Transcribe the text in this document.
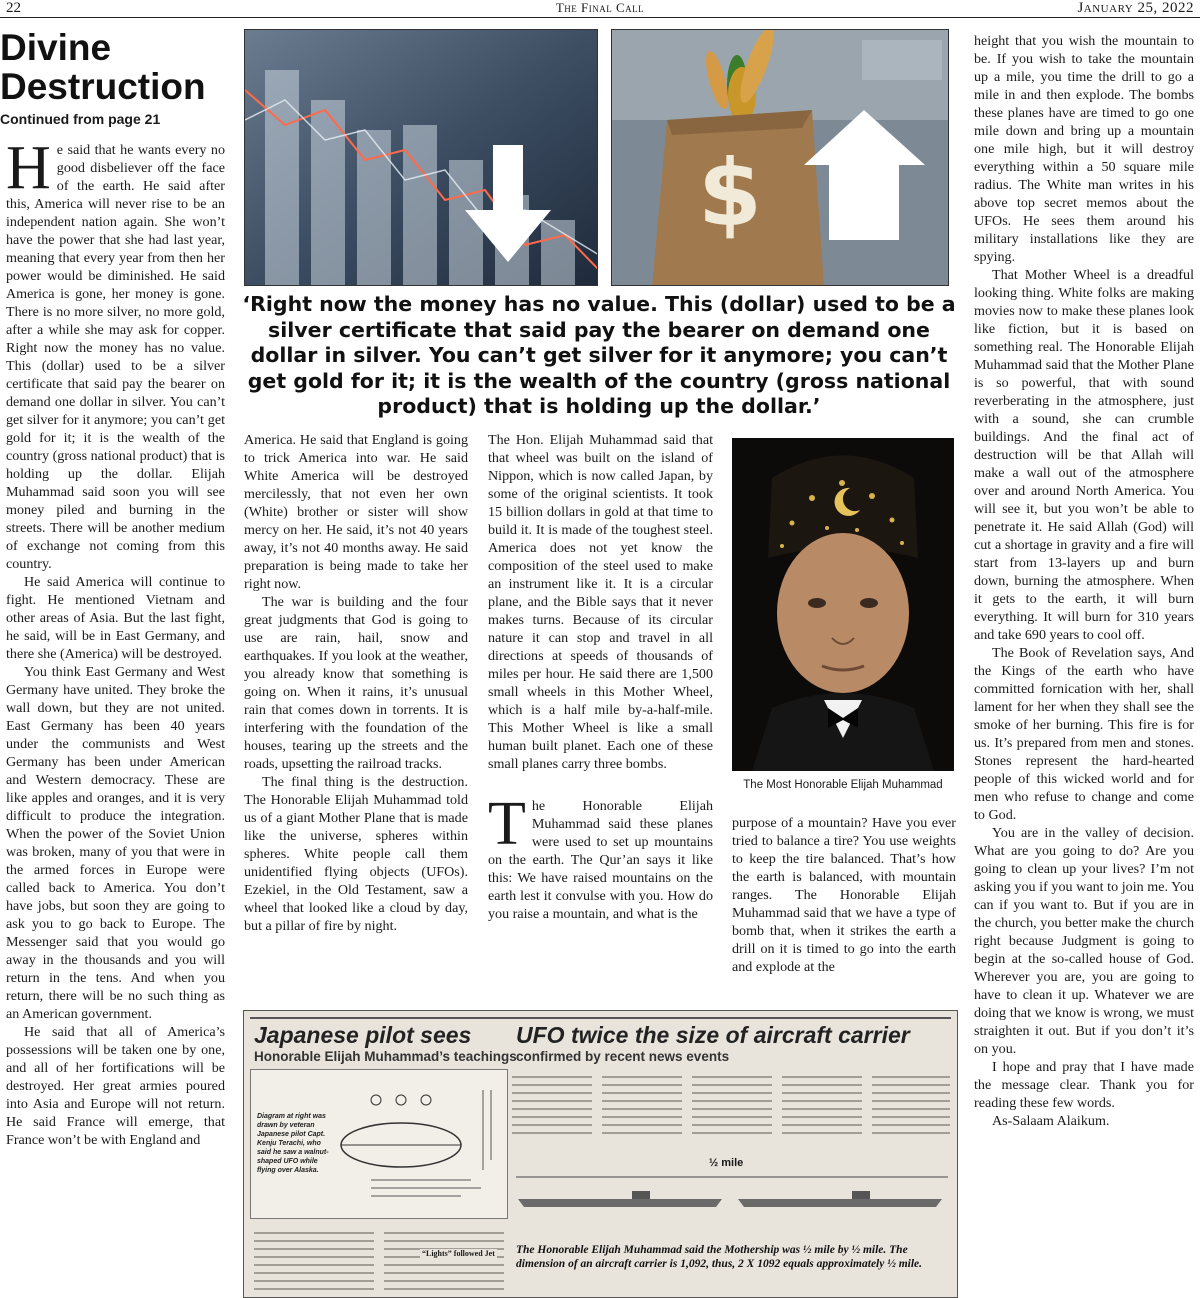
22	The Final Call	January 25, 2022
Divine Destruction
Continued from page 21

He said that he wants every no good disbeliever off the face of the earth. He said after this, America will never rise to be an independent nation again. She won’t have the power that she had last year, meaning that every year from then her power would be diminished. He said America is gone, her money is gone. There is no more silver, no more gold, after a while she may ask for copper. Right now the money has no value. This (dollar) used to be a silver certificate that said pay the bearer on demand one dollar in silver. You can’t get silver for it anymore; you can’t get gold for it; it is the wealth of the country (gross national product) that is holding up the dollar. Elijah Muhammad said soon you will see money piled and burning in the streets. There will be another medium of exchange not coming from this country.

He said America will continue to fight. He mentioned Vietnam and other areas of Asia. But the last fight, he said, will be in East Germany, and there she (America) will be destroyed.

You think East Germany and West Germany have united. They broke the wall down, but they are not united. East Germany has been 40 years under the communists and West Germany has been under American and Western democracy. These are like apples and oranges, and it is very difficult to produce the integration. When the power of the Soviet Union was broken, many of you that were in the armed forces in Europe were called back to America. You don’t have jobs, but soon they are going to ask you to go back to Europe. The Messenger said that you would go away in the thousands and you will return in the tens. And when you return, there will be no such thing as an American government.

He said that all of America’s possessions will be taken one by one, and all of her fortifications will be destroyed. Her great armies poured into Asia and Europe will not return. He said France will emerge, that France won’t be with England and

$
‘Right now the money has no value. This (dollar) used to be a silver certificate that said pay the bearer on demand one dollar in silver. You can’t get silver for it anymore; you can’t get gold for it; it is the wealth of the country (gross national product) that is holding up the dollar.’

America. He said that England is going to trick America into war. He said White America will be destroyed mercilessly, that not even her own (White) brother or sister will show mercy on her. He said, it’s not 40 years away, it’s not 40 months away. He said preparation is being made to take her right now.

The war is building and the four great judgments that God is going to use are rain, hail, snow and earthquakes. If you look at the weather, you already know that something is going on. When it rains, it’s unusual rain that comes down in torrents. It is interfering with the foundation of the houses, tearing up the streets and the roads, upsetting the railroad tracks.

The final thing is the destruction. The Honorable Elijah Muhammad told us of a giant Mother Plane that is made like the universe, spheres within spheres. White people call them unidentified flying objects (UFOs). Ezekiel, in the Old Testament, saw a wheel that looked like a cloud by day, but a pillar of fire by night.

The Hon. Elijah Muhammad said that that wheel was built on the island of Nippon, which is now called Japan, by some of the original scientists. It took 15 billion dollars in gold at that time to build it. It is made of the toughest steel. America does not yet know the composition of the steel used to make an instrument like it. It is a circular plane, and the Bible says that it never makes turns. Because of its circular nature it can stop and travel in all directions at speeds of thousands of miles per hour. He said there are 1,500 small wheels in this Mother Wheel, which is a half mile by-a-half-mile. This Mother Wheel is like a small human built planet. Each one of these small planes carry three bombs.

The Honorable Elijah Muhammad said these planes were used to set up mountains on the earth. The Qur’an says it like this: We have raised mountains on the earth lest it convulse with you. How do you raise a mountain, and what is the

The Most Honorable Elijah Muhammad

purpose of a mountain? Have you ever tried to balance a tire? You use weights to keep the tire balanced. That’s how the earth is balanced, with mountain ranges. The Honorable Elijah Muhammad said that we have a type of bomb that, when it strikes the earth a drill on it is timed to go into the earth and explode at the

height that you wish the mountain to be. If you wish to take the mountain up a mile, you time the drill to go a mile in and then explode. The bombs these planes have are timed to go one mile down and bring up a mountain one mile high, but it will destroy everything within a 50 square mile radius. The White man writes in his above top secret memos about the UFOs. He sees them around his military installations like they are spying.

That Mother Wheel is a dreadful looking thing. White folks are making movies now to make these planes look like fiction, but it is based on something real. The Honorable Elijah Muhammad said that the Mother Plane is so powerful, that with sound reverberating in the atmosphere, just with a sound, she can crumble buildings. And the final act of destruction will be that Allah will make a wall out of the atmosphere over and around North America. You will see it, but you won’t be able to penetrate it. He said Allah (God) will cut a shortage in gravity and a fire will start from 13-layers up and burn down, burning the atmosphere. When it gets to the earth, it will burn everything. It will burn for 310 years and take 690 years to cool off.

The Book of Revelation says, And the Kings of the earth who have committed fornication with her, shall lament for her when they shall see the smoke of her burning. This fire is for us. It’s prepared from men and stones. Stones represent the hard-hearted people of this wicked world and for men who refuse to change and come to God.

You are in the valley of decision. What are you going to do? Are you going to clean up your lives? I’m not asking you if you want to join me. You can if you want to. But if you are in the church, you better make the church right because Judgment is going to begin at the so-called house of God. Wherever you are, you are going to have to clean it up. Whatever we are doing that we know is wrong, we must straighten it out. But if you don’t it’s on you.

I hope and pray that I have made the message clear. Thank you for reading these few words.

As-Salaam Alaikum.

Japanese pilot sees UFO twice the size of aircraft carrier
Honorable Elijah Muhammad’s teachings confirmed by recent news events
Diagram at right was drawn by veteran Japanese pilot Capt. Kenju Terachi, who said he saw a walnut-shaped UFO while flying over Alaska.
½ mile
“Lights” followed Jet The Honorable Elijah Muhammad said the Mothership was ½ mile by ½ mile. The dimension of an aircraft carrier is 1,092, thus, 2 X 1092 equals approximately ½ mile.
